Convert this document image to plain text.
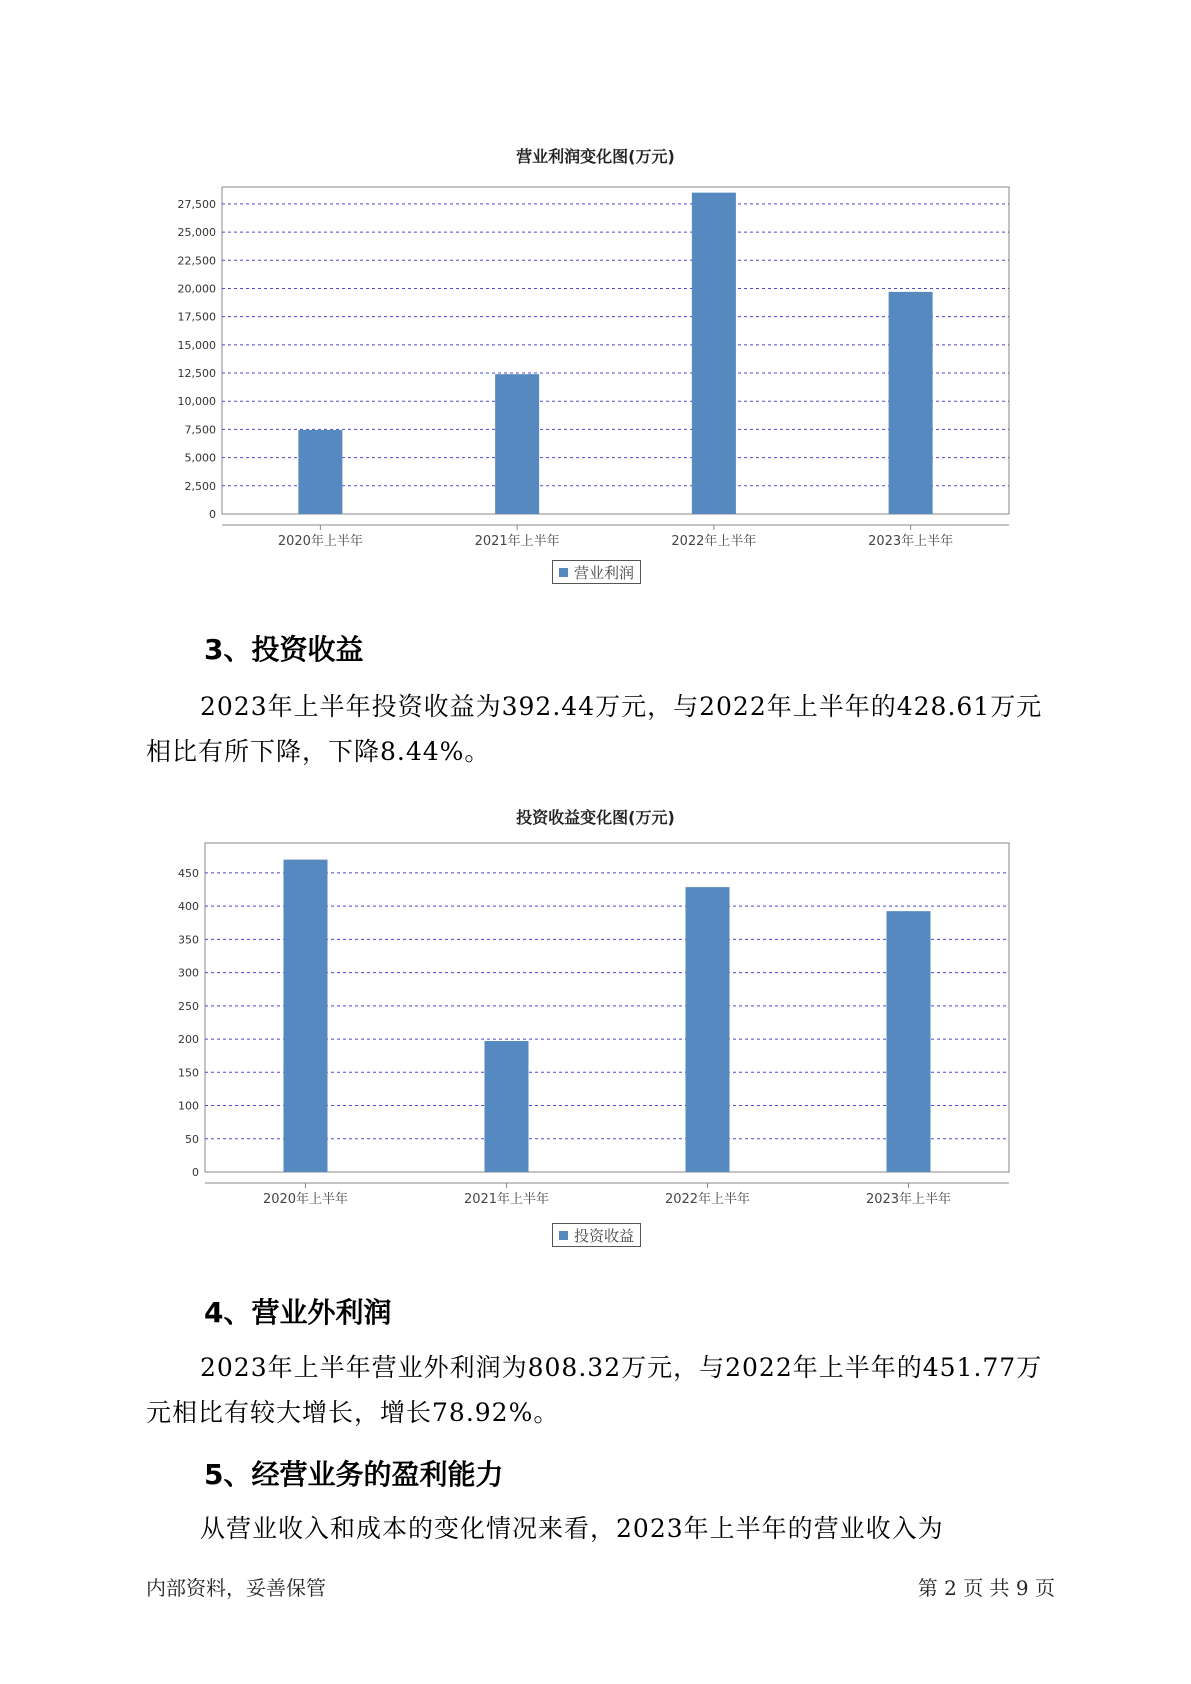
营业利润变化图(万元)
0
2,500
5,000
7,500
10,000
12,500
15,000
17,500
20,000
22,500
25,000
27,500
2020年上半年	2021年上半年	2022年上半年	2023年上半年
营业利润
3、投资收益
2023年上半年投资收益为392.44万元，与2022年上半年的428.61万元
相比有所下降，下降8.44%。
投资收益变化图(万元)
0
50
100
150
200
250
300
350
400
450
2020年上半年	2021年上半年	2022年上半年	2023年上半年
投资收益
4、营业外利润
2023年上半年营业外利润为808.32万元，与2022年上半年的451.77万
元相比有较大增长，增长78.92%。
5、经营业务的盈利能力
从营业收入和成本的变化情况来看，2023年上半年的营业收入为
内部资料，妥善保管	第 2 页 共 9 页
